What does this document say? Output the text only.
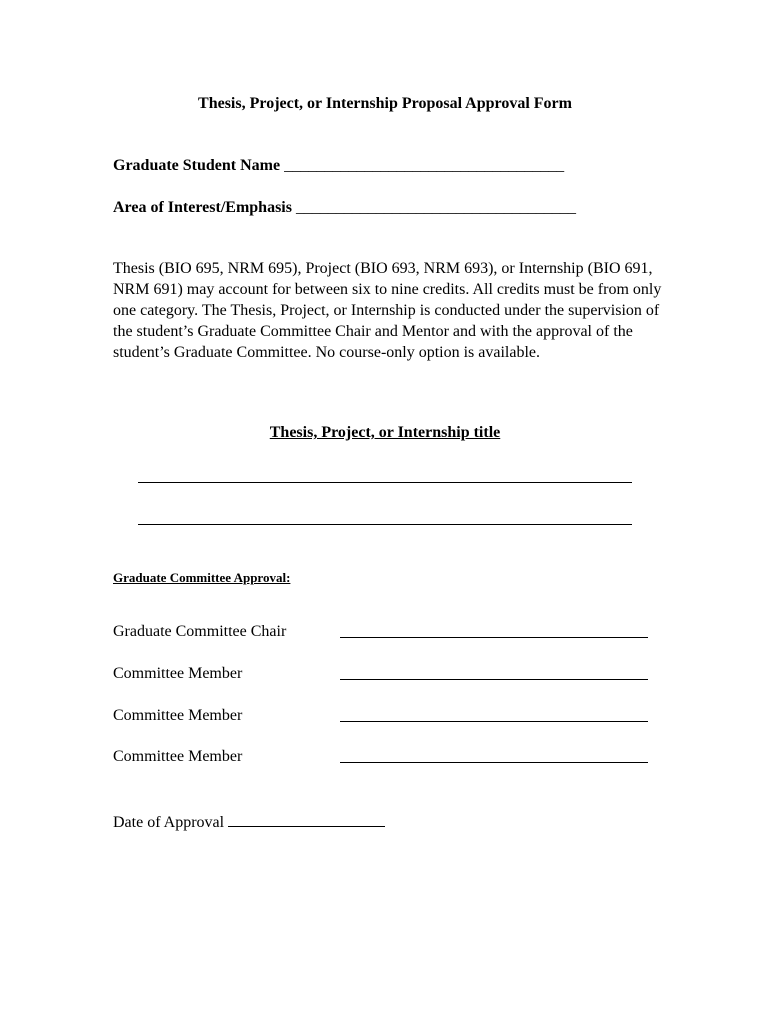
Thesis, Project, or Internship Proposal Approval Form
Graduate Student Name ___________________________________
Area of Interest/Emphasis ___________________________________
Thesis (BIO 695, NRM 695), Project (BIO 693, NRM 693), or Internship (BIO 691, NRM 691) may account for between six to nine credits. All credits must be from only one category. The Thesis, Project, or Internship is conducted under the supervision of the student’s Graduate Committee Chair and Mentor and with the approval of the student’s Graduate Committee. No course-only option is available.
Thesis, Project, or Internship title
Graduate Committee Approval:
Graduate Committee Chair
Committee Member
Committee Member
Committee Member
Date of Approval
